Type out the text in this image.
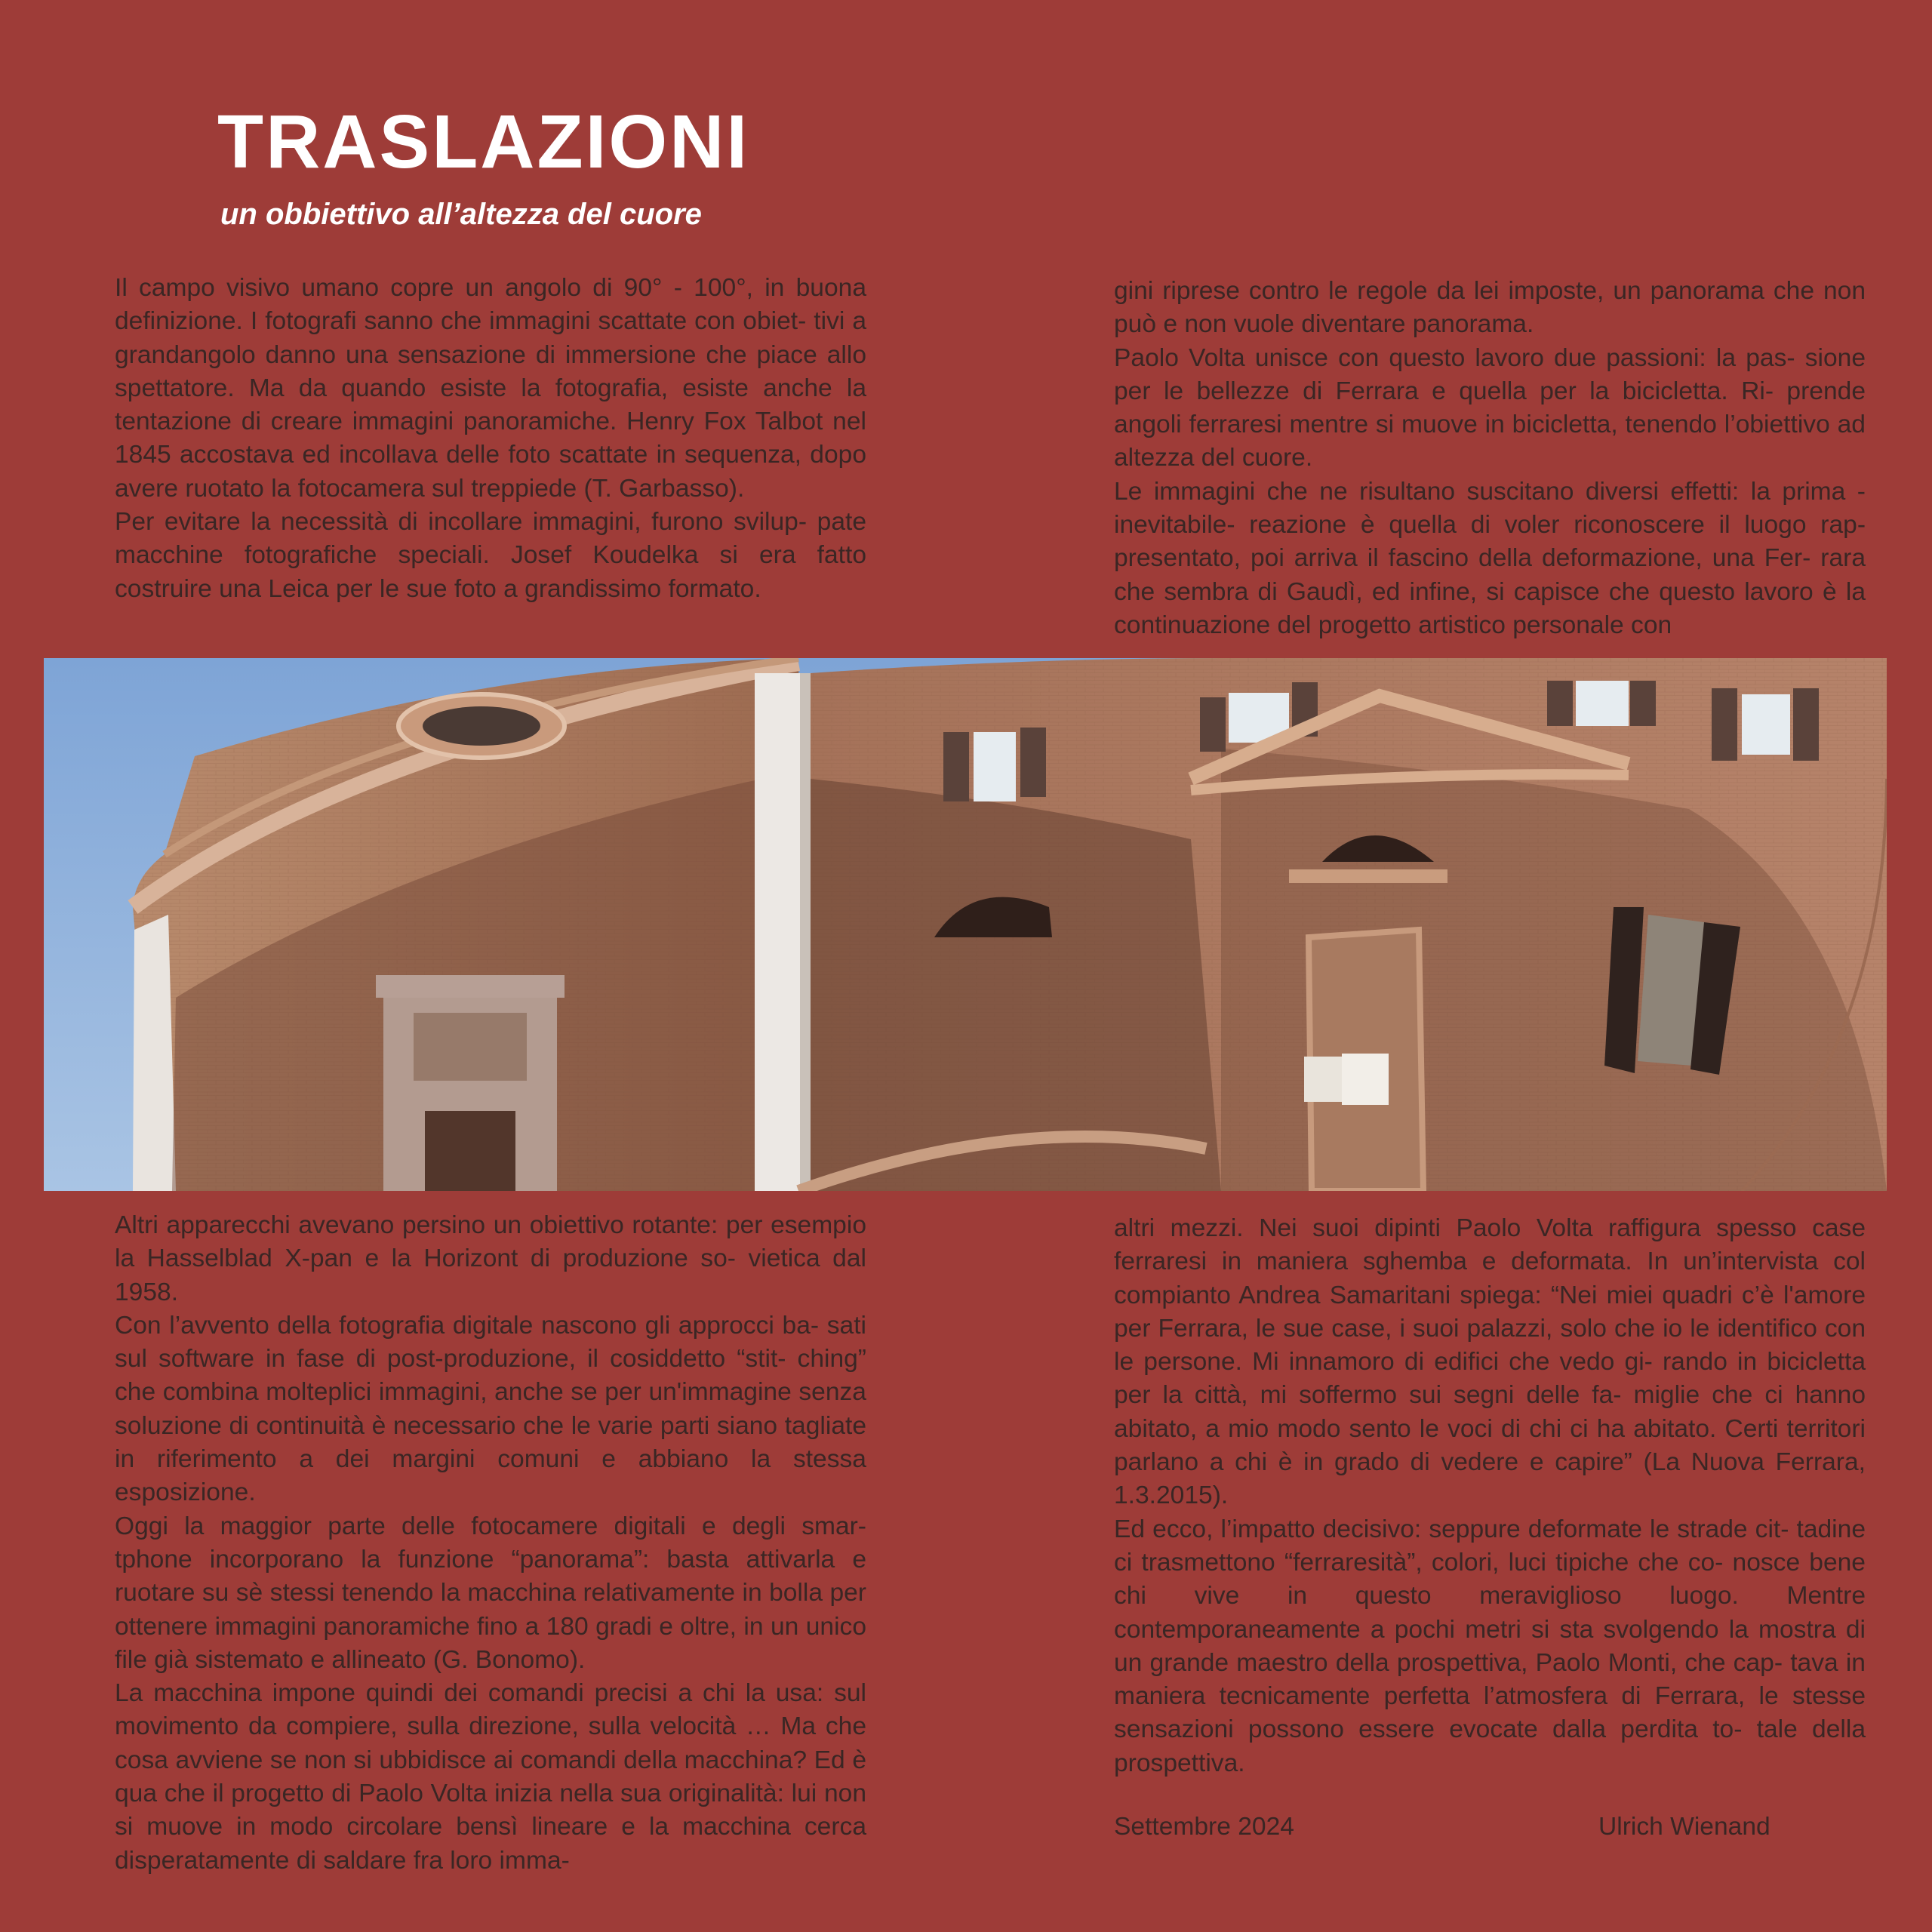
TRASLAZIONI
un obbiettivo all’altezza del cuore

Il campo visivo umano copre un angolo di 90° - 100°, in buona definizione. I fotografi sanno che immagini scattate con obiet- tivi a grandangolo danno una sensazione di immersione che piace allo spettatore. Ma da quando esiste la fotografia, esiste anche la tentazione di creare immagini panoramiche. Henry Fox Talbot nel 1845 accostava ed incollava delle foto scattate in sequenza, dopo avere ruotato la fotocamera sul treppiede (T. Garbasso).

Per evitare la necessità di incollare immagini, furono svilup- pate macchine fotografiche speciali. Josef Koudelka si era fatto costruire una Leica per le sue foto a grandissimo formato.

gini riprese contro le regole da lei imposte, un panorama che non può e non vuole diventare panorama.

Paolo Volta unisce con questo lavoro due passioni: la pas- sione per le bellezze di Ferrara e quella per la bicicletta. Ri- prende angoli ferraresi mentre si muove in bicicletta, tenendo l’obiettivo ad altezza del cuore.

Le immagini che ne risultano suscitano diversi effetti: la prima -inevitabile- reazione è quella di voler riconoscere il luogo rap- presentato, poi arriva il fascino della deformazione, una Fer- rara che sembra di Gaudì, ed infine, si capisce che questo lavoro è la continuazione del progetto artistico personale con

Altri apparecchi avevano persino un obiettivo rotante: per esempio la Hasselblad X-pan e la Horizont di produzione so- vietica dal 1958.

Con l’avvento della fotografia digitale nascono gli approcci ba- sati sul software in fase di post-produzione, il cosiddetto “stit- ching” che combina molteplici immagini, anche se per un'immagine senza soluzione di continuità è necessario che le varie parti siano tagliate in riferimento a dei margini comuni e abbiano la stessa esposizione.

Oggi la maggior parte delle fotocamere digitali e degli smar- tphone incorporano la funzione “panorama”: basta attivarla e ruotare su sè stessi tenendo la macchina relativamente in bolla per ottenere immagini panoramiche fino a 180 gradi e oltre, in un unico file già sistemato e allineato (G. Bonomo).

La macchina impone quindi dei comandi precisi a chi la usa: sul movimento da compiere, sulla direzione, sulla velocità … Ma che cosa avviene se non si ubbidisce ai comandi della macchina? Ed è qua che il progetto di Paolo Volta inizia nella sua originalità: lui non si muove in modo circolare bensì lineare e la macchina cerca disperatamente di saldare fra loro imma-

altri mezzi. Nei suoi dipinti Paolo Volta raffigura spesso case ferraresi in maniera sghemba e deformata. In un’intervista col compianto Andrea Samaritani spiega: “Nei miei quadri c’è l'amore per Ferrara, le sue case, i suoi palazzi, solo che io le identifico con le persone. Mi innamoro di edifici che vedo gi- rando in bicicletta per la città, mi soffermo sui segni delle fa- miglie che ci hanno abitato, a mio modo sento le voci di chi ci ha abitato. Certi territori parlano a chi è in grado di vedere e capire” (La Nuova Ferrara, 1.3.2015).

Ed ecco, l’impatto decisivo: seppure deformate le strade cit- tadine ci trasmettono “ferraresità”, colori, luci tipiche che co- nosce bene chi vive in questo meraviglioso luogo. Mentre contemporaneamente a pochi metri si sta svolgendo la mostra di un grande maestro della prospettiva, Paolo Monti, che cap- tava in maniera tecnicamente perfetta l’atmosfera di Ferrara, le stesse sensazioni possono essere evocate dalla perdita to- tale della prospettiva.

Settembre 2024	Ulrich Wienand
